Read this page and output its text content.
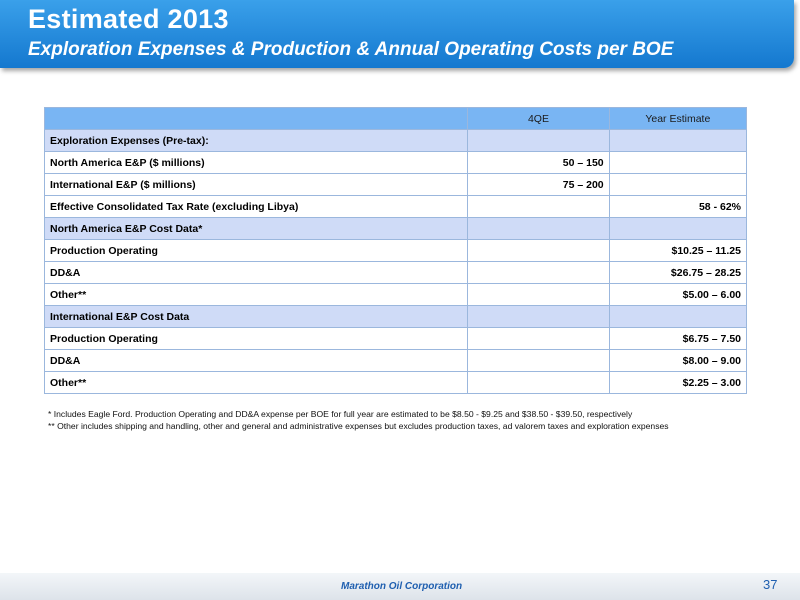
Estimated 2013
Exploration Expenses & Production & Annual Operating Costs per BOE
	4QE	Year Estimate
Exploration Expenses (Pre-tax):		
North America E&P ($ millions)	50 – 150	
International E&P ($ millions)	75 – 200	
Effective Consolidated Tax Rate (excluding Libya)		58 - 62%
North America E&P Cost Data*		
Production Operating		$10.25 – 11.25
DD&A		$26.75 – 28.25
Other**		$5.00 – 6.00
International E&P Cost Data		
Production Operating		$6.75 – 7.50
DD&A		$8.00 – 9.00
Other**		$2.25 – 3.00
* Includes Eagle Ford. Production Operating and DD&A expense per BOE for full year are estimated to be $8.50 - $9.25 and $38.50 - $39.50, respectively
** Other includes shipping and handling, other and general and administrative expenses but excludes production taxes, ad valorem taxes and exploration expenses
Marathon Oil Corporation	37
